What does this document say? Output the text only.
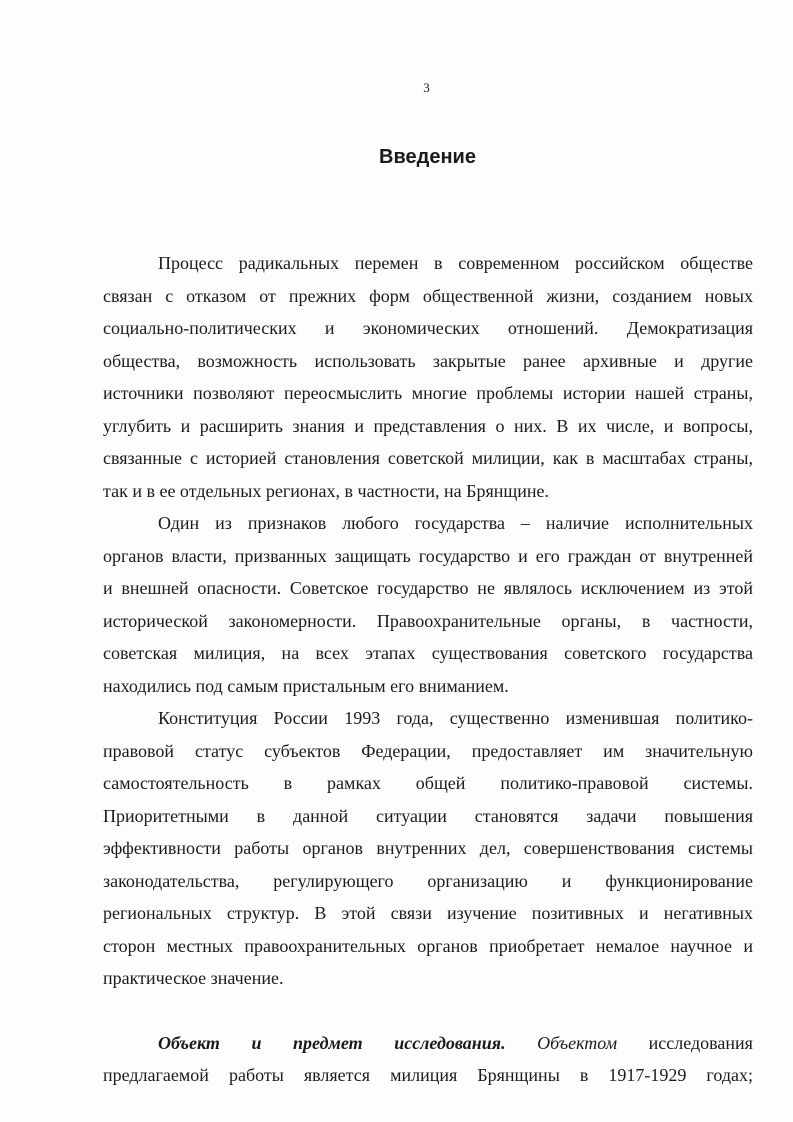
3
Введение
Процесс радикальных перемен в современном российском обществе
связан с отказом от прежних форм общественной жизни, созданием новых
социально-политических и экономических отношений. Демократизация
общества, возможность использовать закрытые ранее архивные и другие
источники позволяют переосмыслить многие проблемы истории нашей страны,
углубить и расширить знания и представления о них. В их числе, и вопросы,
связанные с историей становления советской милиции, как в масштабах страны,
так и в ее отдельных регионах, в частности, на Брянщине.
Один из признаков любого государства – наличие исполнительных
органов власти, призванных защищать государство и его граждан от внутренней
и внешней опасности. Советское государство не являлось исключением из этой
исторической закономерности. Правоохранительные органы, в частности,
советская милиция, на всех этапах существования советского государства
находились под самым пристальным его вниманием.
Конституция России 1993 года, существенно изменившая политико-
правовой статус субъектов Федерации, предоставляет им значительную
самостоятельность в рамках общей политико-правовой системы.
Приоритетными в данной ситуации становятся задачи повышения
эффективности работы органов внутренних дел, совершенствования системы
законодательства, регулирующего организацию и функционирование
региональных структур. В этой связи изучение позитивных и негативных
сторон местных правоохранительных органов приобретает немалое научное и
практическое значение.
Объект и предмет исследования. Объектом исследования
предлагаемой работы является милиция Брянщины в 1917-1929 годах;
